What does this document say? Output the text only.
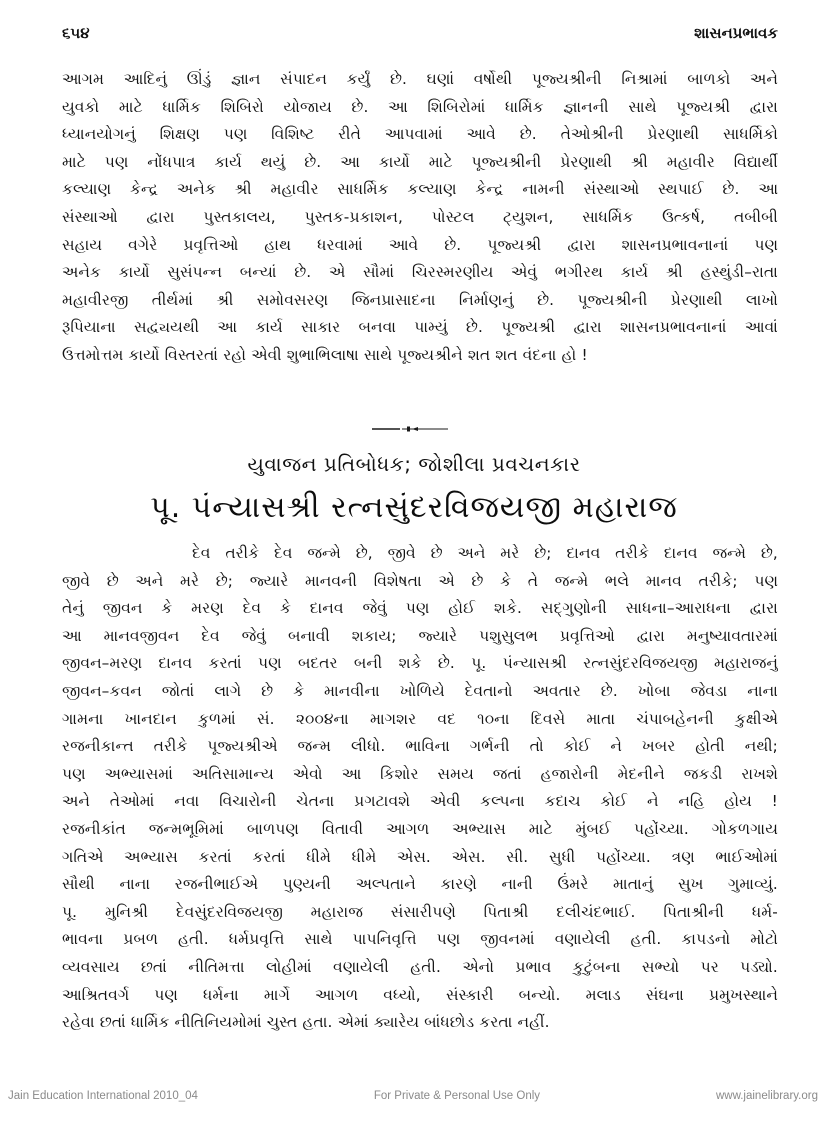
૬૫૪	શાસનપ્રભાવક
આગમ આદિનું ઊંડું જ્ઞાન સંપાદન કર્યું છે. ઘણાં વર્ષોથી પૂજ્યશ્રીની નિશ્રામાં બાળકો અને
યુવકો માટે ધાર્મિક શિબિરો યોજાય છે. આ શિબિરોમાં ધાર્મિક જ્ઞાનની સાથે પૂજ્યશ્રી દ્વારા
ધ્યાનયોગનું શિક્ષણ પણ વિશિષ્ટ રીતે આપવામાં આવે છે. તેઓશ્રીની પ્રેરણાથી સાધર્મિકો
માટે પણ નોંધપાત્ર કાર્ય થયું છે. આ કાર્યો માટે પૂજ્યશ્રીની પ્રેરણાથી શ્રી મહાવીર વિદ્યાર્થી
કલ્યાણ કેન્દ્ર અનેક શ્રી મહાવીર સાધર્મિક કલ્યાણ કેન્દ્ર નામની સંસ્થાઓ સ્થપાઈ છે. આ
સંસ્થાઓ દ્વારા પુસ્તકાલય, પુસ્તક-પ્રકાશન, પોસ્ટલ ટ્યુશન, સાધર્મિક ઉત્કર્ષ, તબીબી
સહાય વગેરે પ્રવૃત્તિઓ હાથ ધરવામાં આવે છે. પૂજ્યશ્રી દ્વારા શાસનપ્રભાવનાનાં પણ
અનેક કાર્યો સુસંપન્ન બન્યાં છે. એ સૌમાં ચિરસ્મરણીય એવું ભગીરથ કાર્ય શ્રી હસ્થુંડી–રાતા
મહાવીરજી તીર્થમાં શ્રી સમોવસરણ જિનપ્રાસાદના નિર્માણનું છે. પૂજ્યશ્રીની પ્રેરણાથી લાખો
રૂપિયાના સદ્વ્યયથી આ કાર્ય સાકાર બનવા પામ્યું છે. પૂજ્યશ્રી દ્વારા શાસનપ્રભાવનાનાં આવાં
ઉત્તમોત્તમ કાર્યો વિસ્તરતાં રહો એવી શુભાભિલાષા સાથે પૂજ્યશ્રીને શત શત વંદના હો !
યુવાજન પ્રતિબોધક; જોશીલા પ્રવચનકાર
પૂ. પંન્યાસશ્રી રત્નસુંદરવિજયજી મહારાજ
દેવ તરીકે દેવ જન્મે છે, જીવે છે અને મરે છે; દાનવ તરીકે દાનવ જન્મે છે,
જીવે છે અને મરે છે; જ્યારે માનવની વિશેષતા એ છે કે તે જન્મે ભલે માનવ તરીકે; પણ
તેનું જીવન કે મરણ દેવ કે દાનવ જેવું પણ હોઈ શકે. સદ્ગુણોની સાધના–આરાધના દ્વારા
આ માનવજીવન દેવ જેવું બનાવી શકાય; જ્યારે પશુસુલભ પ્રવૃત્તિઓ દ્વારા મનુષ્યાવતારમાં
જીવન–મરણ દાનવ કરતાં પણ બદતર બની શકે છે. પૂ. પંન્યાસશ્રી રત્નસુંદરવિજયજી મહારાજનું
જીવન–કવન જોતાં લાગે છે કે માનવીના ખોળિયે દેવતાનો અવતાર છે. ખોબા જેવડા નાના
ગામના ખાનદાન કુળમાં સં. ૨૦૦૪ના માગશર વદ ૧૦ના દિવસે માતા ચંપાબહેનની કુક્ષીએ
રજનીકાન્ત તરીકે પૂજ્યશ્રીએ જન્મ લીધો. ભાવિના ગર્ભની તો કોઈ ને ખબર હોતી નથી;
પણ અભ્યાસમાં અતિસામાન્ય એવો આ કિશોર સમય જતાં હજારોની મેદનીને જકડી રાખશે
અને તેઓમાં નવા વિચારોની ચેતના પ્રગટાવશે એવી કલ્પના કદાચ કોઈ ને નહિ હોય !
રજનીકાંત જન્મભૂમિમાં બાળપણ વિતાવી આગળ અભ્યાસ માટે મુંબઈ પહોંચ્યા. ગોકળગાય
ગતિએ અભ્યાસ કરતાં કરતાં ધીમે ધીમે એસ. એસ. સી. સુધી પહોંચ્યા. ત્રણ ભાઈઓમાં
સૌથી નાના રજનીભાઈએ પુણ્યની અલ્પતાને કારણે નાની ઉંમરે માતાનું સુખ ગુમાવ્યું.
પૂ. મુનિશ્રી દેવસુંદરવિજયજી મહારાજ સંસારીપણે પિતાશ્રી દલીચંદભાઈ. પિતાશ્રીની ધર્મ-
ભાવના પ્રબળ હતી. ધર્મપ્રવૃત્તિ સાથે પાપનિવૃત્તિ પણ જીવનમાં વણાયેલી હતી. કાપડનો મોટો
વ્યવસાય છતાં નીતિમત્તા લોહીમાં વણાયેલી હતી. એનો પ્રભાવ કુટુંબના સભ્યો પર પડ્યો.
આશ્રિતવર્ગ પણ ધર્મના માર્ગે આગળ વધ્યો, સંસ્કારી બન્યો. મલાડ સંઘના પ્રમુખસ્થાને
રહેવા છતાં ધાર્મિક નીતિનિયમોમાં ચુસ્ત હતા. એમાં ક્યારેય બાંધછોડ કરતા નહીં.
Jain Education International 2010_04	For Private & Personal Use Only	www.jainelibrary.org
